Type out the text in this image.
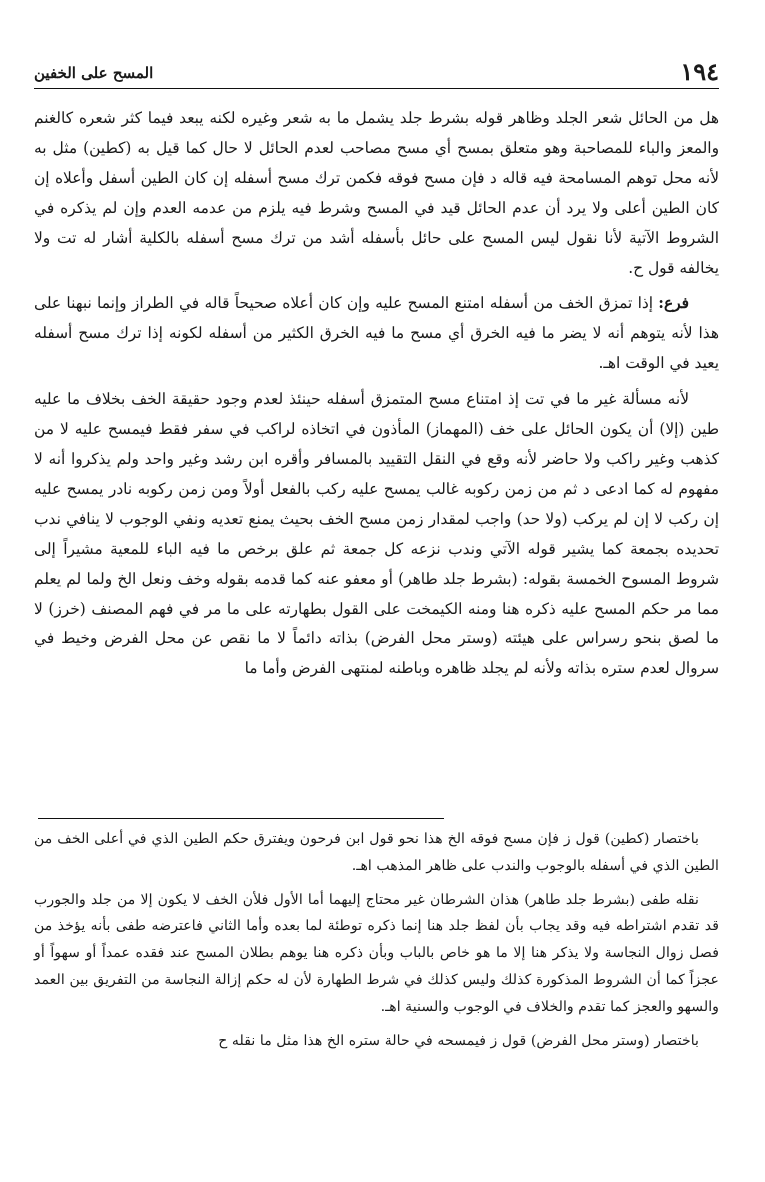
١٩٤
المسح على الخفين

هل من الحائل شعر الجلد وظاهر قوله بشرط جلد يشمل ما به شعر وغيره لكنه يبعد فيما كثر شعره كالغنم والمعز والباء للمصاحبة وهو متعلق بمسح أي مسح مصاحب لعدم الحائل لا حال كما قيل به (كطين) مثل به لأنه محل توهم المسامحة فيه قاله د فإن مسح فوقه فكمن ترك مسح أسفله إن كان الطين أسفل وأعلاه إن كان الطين أعلى ولا يرد أن عدم الحائل قيد في المسح وشرط فيه يلزم من عدمه العدم وإن لم يذكره في الشروط الآتية لأنا نقول ليس المسح على حائل بأسفله أشد من ترك مسح أسفله بالكلية أشار له تت ولا يخالفه قول ح.

فرع: إذا تمزق الخف من أسفله امتنع المسح عليه وإن كان أعلاه صحيحاً قاله في الطراز وإنما نبهنا على هذا لأنه يتوهم أنه لا يضر ما فيه الخرق أي مسح ما فيه الخرق الكثير من أسفله لكونه إذا ترك مسح أسفله يعيد في الوقت اهـ.

لأنه مسألة غير ما في تت إذ امتناع مسح المتمزق أسفله حينئذ لعدم وجود حقيقة الخف بخلاف ما عليه طين (إلا) أن يكون الحائل على خف (المهماز) المأذون في اتخاذه لراكب في سفر فقط فيمسح عليه لا من كذهب وغير راكب ولا حاضر لأنه وقع في النقل التقييد بالمسافر وأقره ابن رشد وغير واحد ولم يذكروا أنه لا مفهوم له كما ادعى د ثم من زمن ركوبه غالب يمسح عليه ركب بالفعل أولاً ومن زمن ركوبه نادر يمسح عليه إن ركب لا إن لم يركب (ولا حد) واجب لمقدار زمن مسح الخف بحيث يمنع تعديه ونفي الوجوب لا ينافي ندب تحديده بجمعة كما يشير قوله الآتي وندب نزعه كل جمعة ثم علق برخص ما فيه الباء للمعية مشيراً إلى شروط المسوح الخمسة بقوله: (بشرط جلد طاهر) أو معفو عنه كما قدمه بقوله وخف ونعل الخ ولما لم يعلم مما مر حكم المسح عليه ذكره هنا ومنه الكيمخت على القول بطهارته على ما مر في فهم المصنف (خرز) لا ما لصق بنحو رسراس على هيئته (وستر محل الفرض) بذاته دائماً لا ما نقص عن محل الفرض وخيط في سروال لعدم ستره بذاته ولأنه لم يجلد ظاهره وباطنه لمنتهى الفرض وأما ما

باختصار (كطين) قول ز فإن مسح فوقه الخ هذا نحو قول ابن فرحون ويفترق حكم الطين الذي في أعلى الخف من الطين الذي في أسفله بالوجوب والندب على ظاهر المذهب اهـ.

نقله طفى (بشرط جلد طاهر) هذان الشرطان غير محتاج إليهما أما الأول فلأن الخف لا يكون إلا من جلد والجورب قد تقدم اشتراطه فيه وقد يجاب بأن لفظ جلد هنا إنما ذكره توطئة لما بعده وأما الثاني فاعترضه طفى بأنه يؤخذ من فصل زوال النجاسة ولا يذكر هنا إلا ما هو خاص بالباب وبأن ذكره هنا يوهم بطلان المسح عند فقده عمداً أو سهواً أو عجزاً كما أن الشروط المذكورة كذلك وليس كذلك في شرط الطهارة لأن له حكم إزالة النجاسة من التفريق بين العمد والسهو والعجز كما تقدم والخلاف في الوجوب والسنية اهـ.

باختصار (وستر محل الفرض) قول ز فيمسحه في حالة ستره الخ هذا مثل ما نقله ح
